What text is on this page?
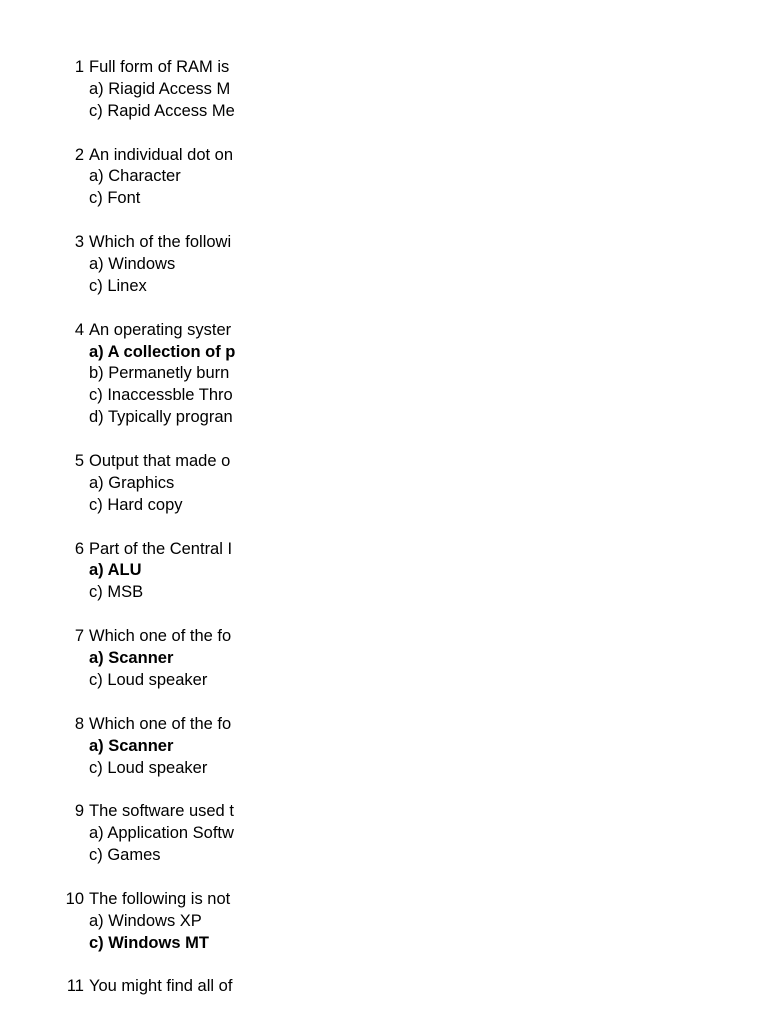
1 Full form of RAM is
a) Riagid Access M
c) Rapid Access Me
2 An individual dot on
a) Character
c) Font
3 Which of the followi
a) Windows
c) Linex
4 An operating syster
a) A collection of p
b) Permanetly burn
c) Inaccessble Thro
d) Typically progran
5 Output that made o
a) Graphics
c) Hard copy
6 Part of the Central I
a) ALU
c) MSB
7 Which one of the fo
a) Scanner
c) Loud speaker
8 Which one of the fo
a) Scanner
c) Loud speaker
9 The software used t
a) Application Softw
c) Games
10 The following is not
a) Windows XP
c) Windows MT
11 You might find all of
